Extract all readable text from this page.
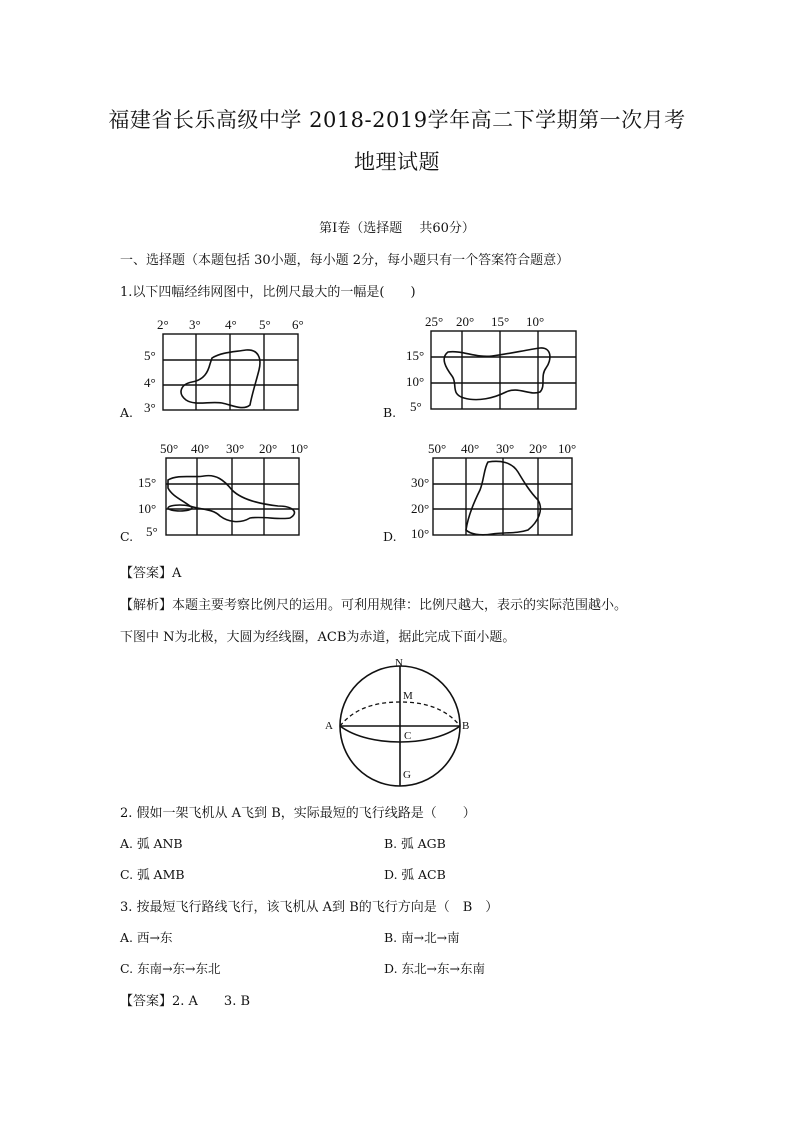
福建省长乐高级中学 2018-2019学年高二下学期第一次月考
地理试题
第Ⅰ卷（选择题　 共60分）
一、选择题（本题包括 30小题，每小题 2分，每小题只有一个答案符合题意）
1.以下四幅经纬网图中，比例尺最大的一幅是(　　)
2° 3° 4° 5° 6°
5°
4°
3°
A.
25° 20° 15° 10°
15°
10°
5°
B.
50° 40° 30° 20° 10°
15°
10°
5°
C.
50° 40° 30° 20° 10°
30°
20°
10°
D.
N
M
A
C
B
G
【答案】A
【解析】本题主要考察比例尺的运用。可利用规律：比例尺越大，表示的实际范围越小。
下图中 N为北极，大圆为经线圈，ACB为赤道，据此完成下面小题。
2. 假如一架飞机从 A飞到 B，实际最短的飞行线路是（　　）
A. 弧 ANB	B. 弧 AGB
C. 弧 AMB	D. 弧 ACB
3. 按最短飞行路线飞行，该飞机从 A到 B的飞行方向是（　B　）
A. 西→东	B. 南→北→南
C. 东南→东→东北	D. 东北→东→东南
【答案】2. A　　3. B
